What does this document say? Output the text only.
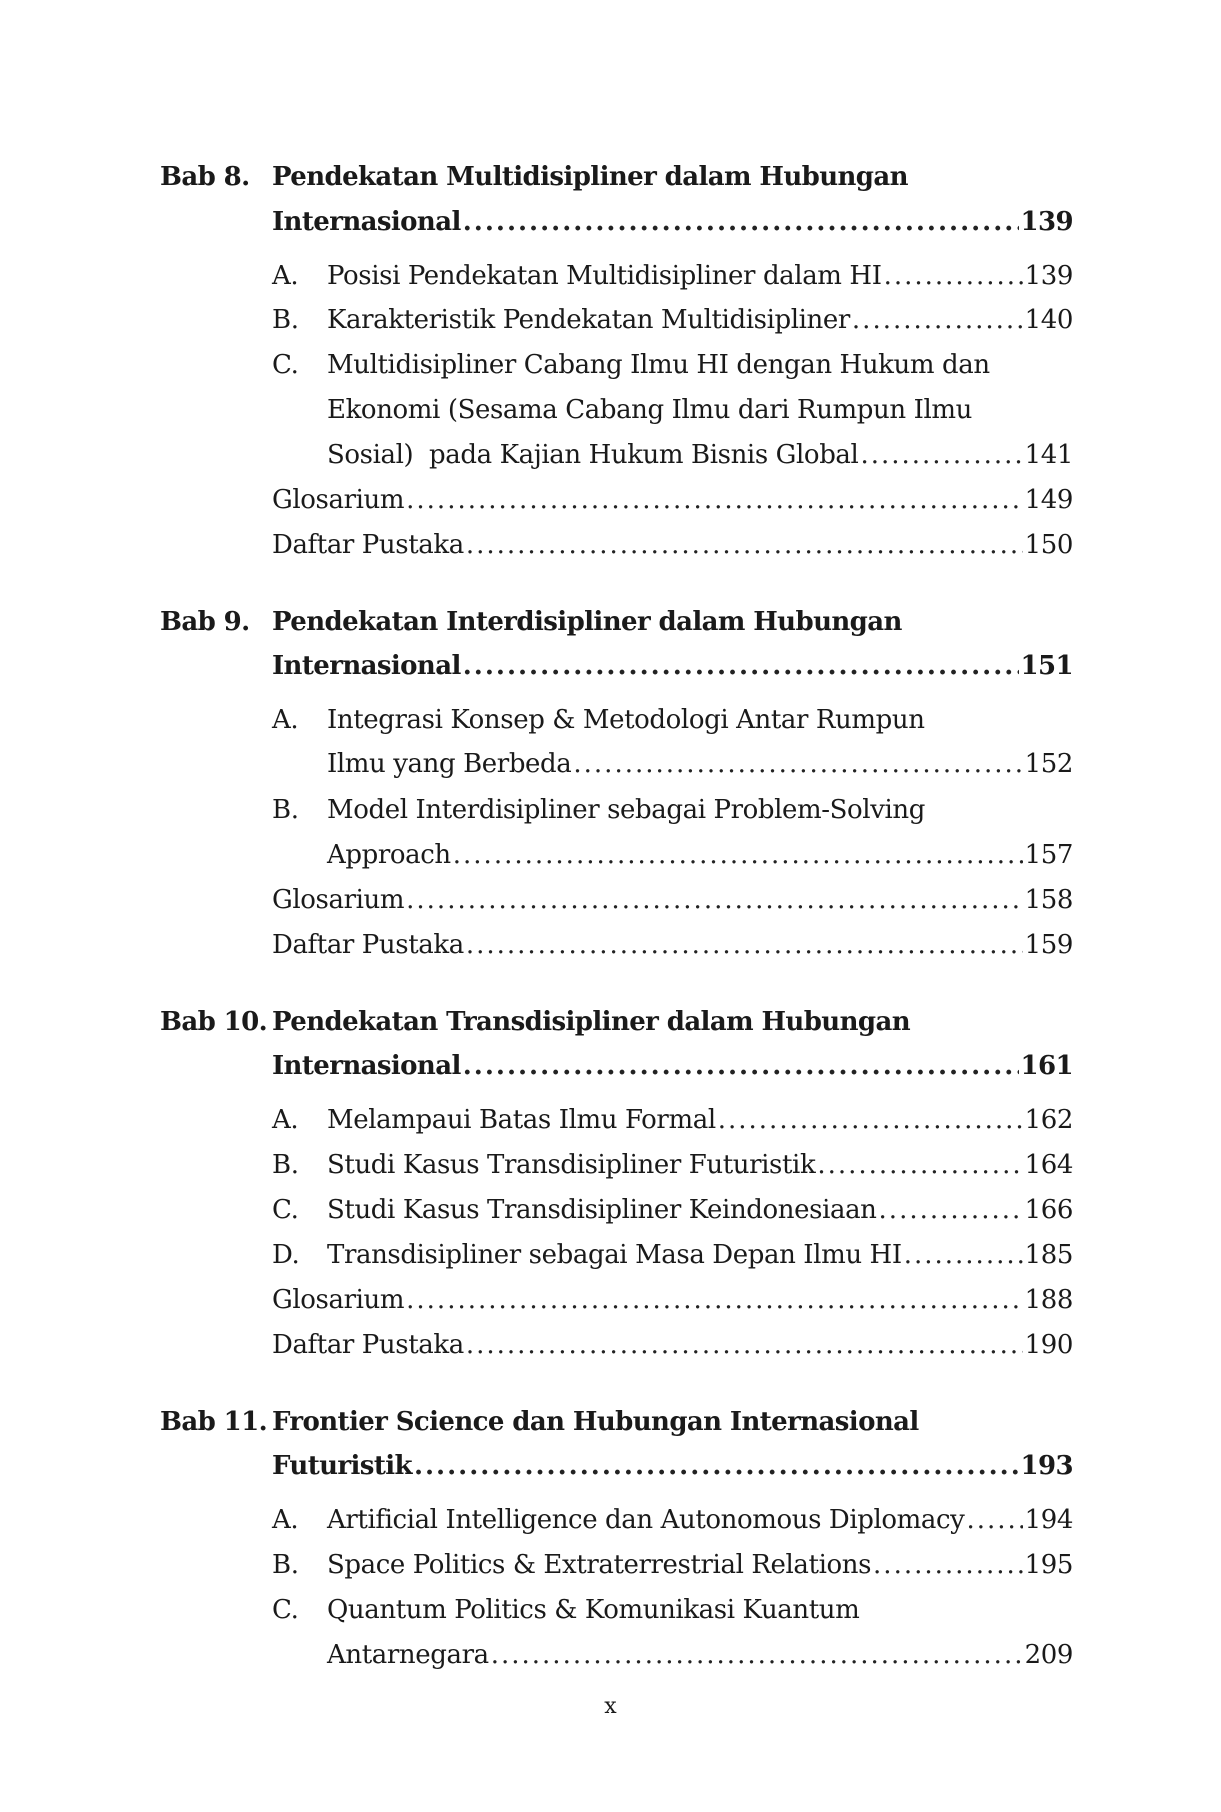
Bab 8. Pendekatan Multidisipliner dalam Hubungan
Internasional .....	139
A. Posisi Pendekatan Multidisipliner dalam HI .....	139
B. Karakteristik Pendekatan Multidisipliner .....	140
C. Multidisipliner Cabang Ilmu HI dengan Hukum dan
Ekonomi (Sesama Cabang Ilmu dari Rumpun Ilmu
Sosial)  pada Kajian Hukum Bisnis Global .....	141
Glosarium .....	149
Daftar Pustaka .....	150
Bab 9. Pendekatan Interdisipliner dalam Hubungan
Internasional .....	151
A. Integrasi Konsep & Metodologi Antar Rumpun
Ilmu yang Berbeda .....	152
B. Model Interdisipliner sebagai Problem-Solving
Approach .....	157
Glosarium .....	158
Daftar Pustaka .....	159
Bab 10. Pendekatan Transdisipliner dalam Hubungan
Internasional .....	161
A. Melampaui Batas Ilmu Formal .....	162
B. Studi Kasus Transdisipliner Futuristik .....	164
C. Studi Kasus Transdisipliner Keindonesiaan .....	166
D. Transdisipliner sebagai Masa Depan Ilmu HI .....	185
Glosarium .....	188
Daftar Pustaka .....	190
Bab 11. Frontier Science dan Hubungan Internasional
Futuristik .....	193
A. Artificial Intelligence dan Autonomous Diplomacy ..... 194
B. Space Politics & Extraterrestrial Relations .....	195
C. Quantum Politics & Komunikasi Kuantum
Antarnegara .....	209
x
